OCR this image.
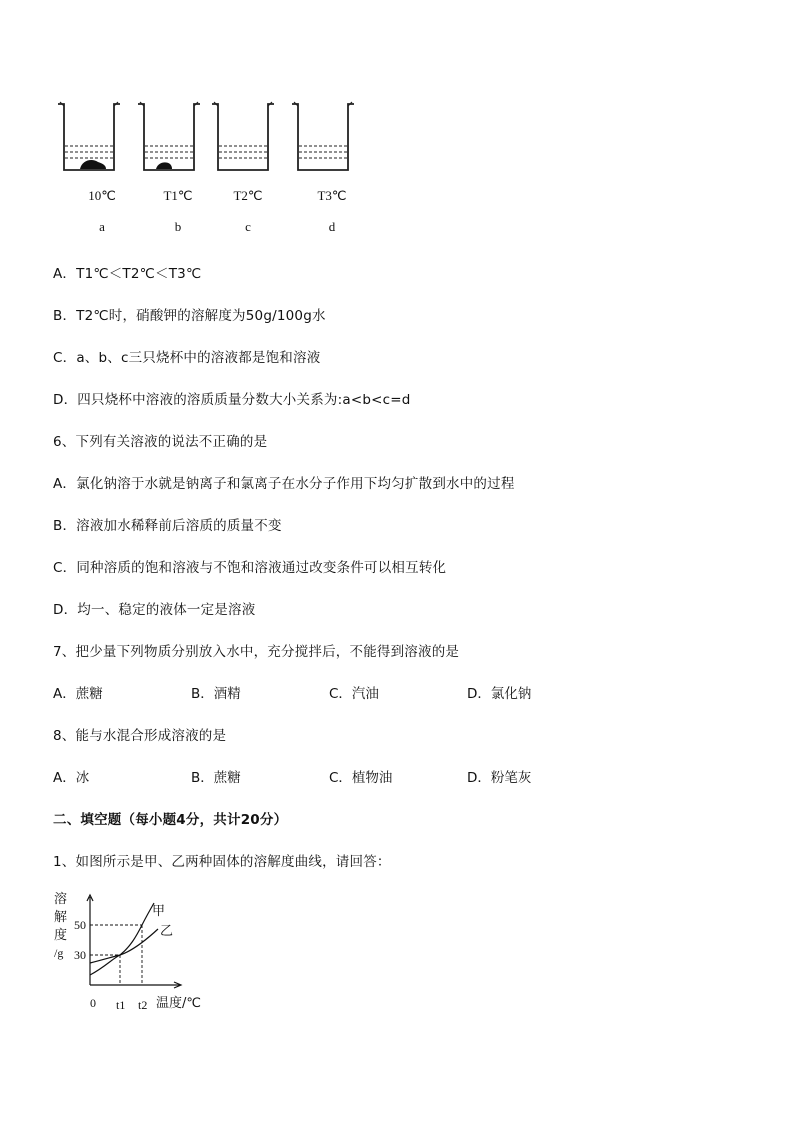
10℃	T1℃	T2℃	T3℃
a	b	c	d
A．T1℃＜T2℃＜T3℃
B．T2℃时，硝酸钾的溶解度为50g/100g水
C．a、b、c三只烧杯中的溶液都是饱和溶液
D．四只烧杯中溶液的溶质质量分数大小关系为:a<b<c=d
6、下列有关溶液的说法不正确的是
A．氯化钠溶于水就是钠离子和氯离子在水分子作用下均匀扩散到水中的过程
B．溶液加水稀释前后溶质的质量不变
C．同种溶质的饱和溶液与不饱和溶液通过改变条件可以相互转化
D．均一、稳定的液体一定是溶液
7、把少量下列物质分别放入水中，充分搅拌后，不能得到溶液的是
A．蔗糖	B．酒精	C．汽油	D．氯化钠
8、能与水混合形成溶液的是
A．冰	B．蔗糖	C．植物油	D．粉笔灰
二、填空题（每小题4分，共计20分）
1、如图所示是甲、乙两种固体的溶解度曲线，请回答：
溶
解
度
/g
50
30
0 t1 t2 温度/℃
甲
乙
